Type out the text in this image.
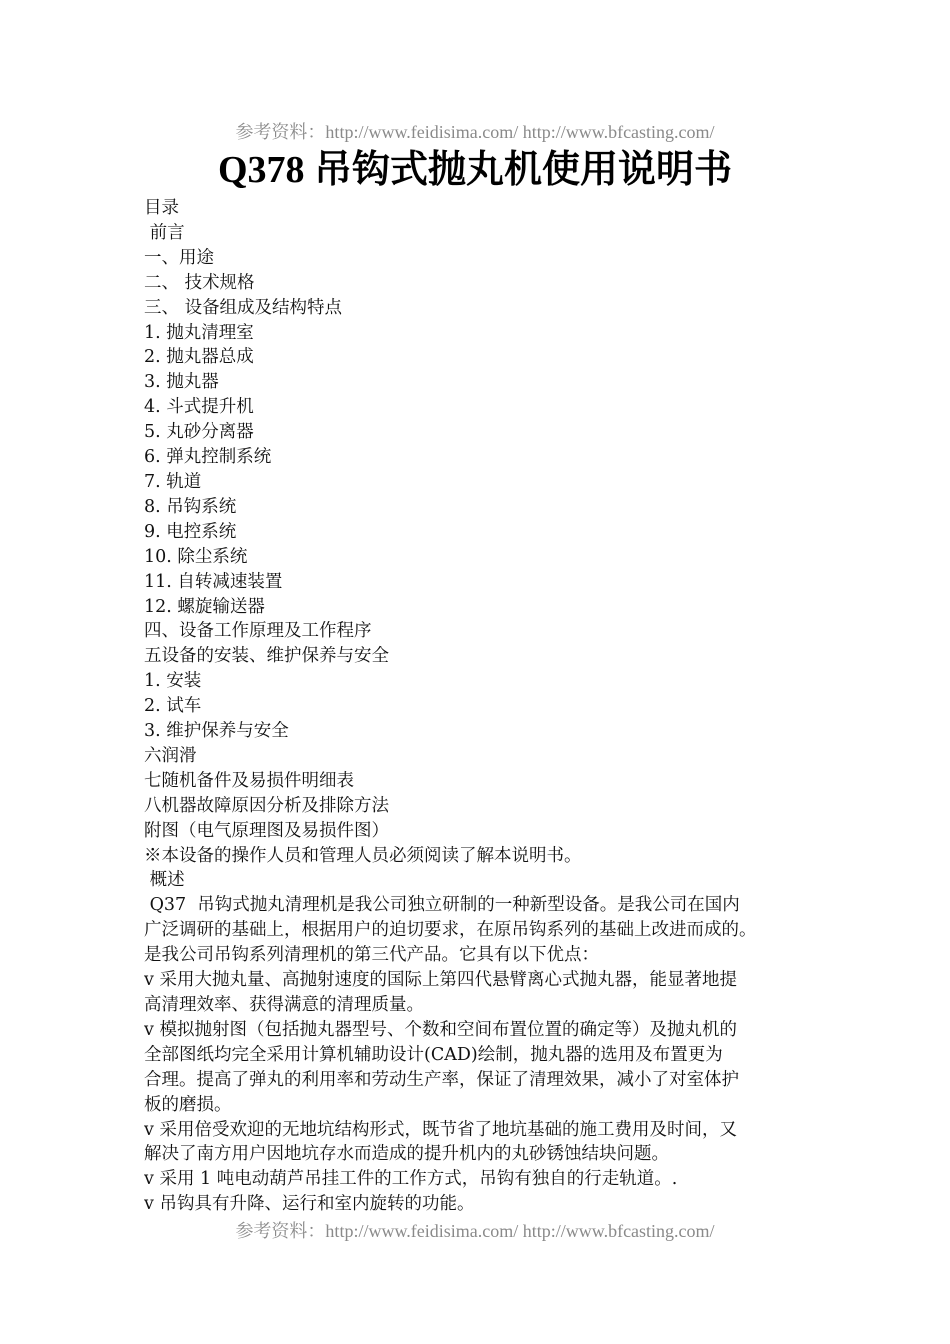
参考资料：http://www.feidisima.com/ http://www.bfcasting.com/
Q378 吊钩式抛丸机使用说明书
目录
前言
一、用途
二、 技术规格
三、 设备组成及结构特点
1. 抛丸清理室
2. 抛丸器总成
3. 抛丸器
4. 斗式提升机
5. 丸砂分离器
6. 弹丸控制系统
7. 轨道
8. 吊钩系统
9. 电控系统
10. 除尘系统
11. 自转减速装置
12. 螺旋输送器
四、设备工作原理及工作程序
五设备的安装、维护保养与安全
1. 安装
2. 试车
3. 维护保养与安全
六润滑
七随机备件及易损件明细表
八机器故障原因分析及排除方法
附图（电气原理图及易损件图）
※本设备的操作人员和管理人员必须阅读了解本说明书。
概述
Q37  吊钩式抛丸清理机是我公司独立研制的一种新型设备。是我公司在国内
广泛调研的基础上，根据用户的迫切要求，在原吊钩系列的基础上改进而成的。
是我公司吊钩系列清理机的第三代产品。它具有以下优点：
v 采用大抛丸量、高抛射速度的国际上第四代悬臂离心式抛丸器，能显著地提
高清理效率、获得满意的清理质量。
v 模拟抛射图（包括抛丸器型号、个数和空间布置位置的确定等）及抛丸机的
全部图纸均完全采用计算机辅助设计(CAD)绘制，抛丸器的选用及布置更为
合理。提高了弹丸的利用率和劳动生产率，保证了清理效果，减小了对室体护
板的磨损。
v 采用倍受欢迎的无地坑结构形式，既节省了地坑基础的施工费用及时间，又
解决了南方用户因地坑存水而造成的提升机内的丸砂锈蚀结块问题。
v 采用 1 吨电动葫芦吊挂工件的工作方式，吊钩有独自的行走轨道。.
v 吊钩具有升降、运行和室内旋转的功能。
参考资料：http://www.feidisima.com/ http://www.bfcasting.com/
